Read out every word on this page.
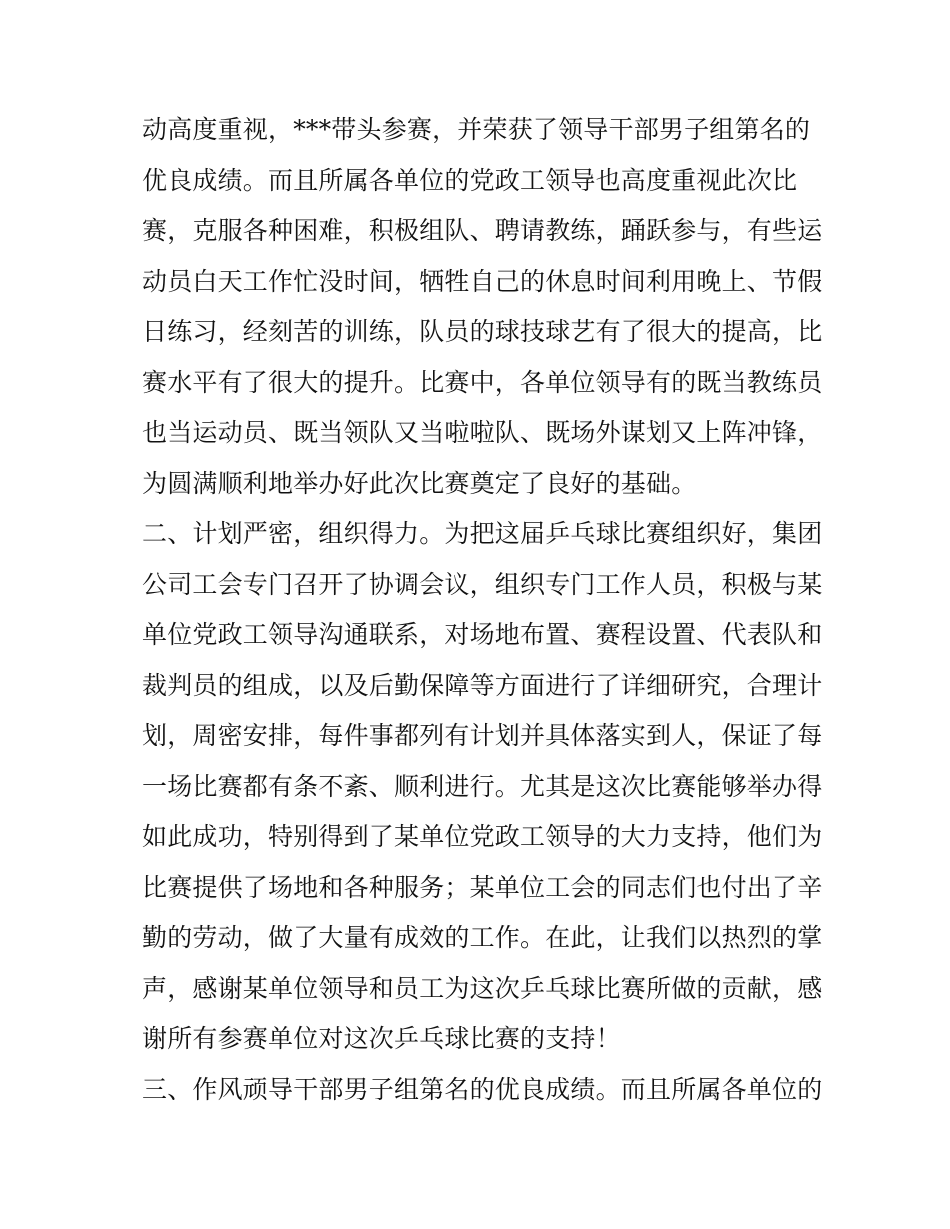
动高度重视，***带头参赛，并荣获了领导干部男子组第名的
优良成绩。而且所属各单位的党政工领导也高度重视此次比
赛，克服各种困难，积极组队、聘请教练，踊跃参与，有些运
动员白天工作忙没时间，牺牲自己的休息时间利用晚上、节假
日练习，经刻苦的训练，队员的球技球艺有了很大的提高，比
赛水平有了很大的提升。比赛中，各单位领导有的既当教练员
也当运动员、既当领队又当啦啦队、既场外谋划又上阵冲锋，
为圆满顺利地举办好此次比赛奠定了良好的基础。
二、计划严密，组织得力。为把这届乒乓球比赛组织好，集团
公司工会专门召开了协调会议，组织专门工作人员，积极与某
单位党政工领导沟通联系，对场地布置、赛程设置、代表队和
裁判员的组成，以及后勤保障等方面进行了详细研究，合理计
划，周密安排，每件事都列有计划并具体落实到人，保证了每
一场比赛都有条不紊、顺利进行。尤其是这次比赛能够举办得
如此成功，特别得到了某单位党政工领导的大力支持，他们为
比赛提供了场地和各种服务；某单位工会的同志们也付出了辛
勤的劳动，做了大量有成效的工作。在此，让我们以热烈的掌
声，感谢某单位领导和员工为这次乒乓球比赛所做的贡献，感
谢所有参赛单位对这次乒乓球比赛的支持！
三、作风顽导干部男子组第名的优良成绩。而且所属各单位的
